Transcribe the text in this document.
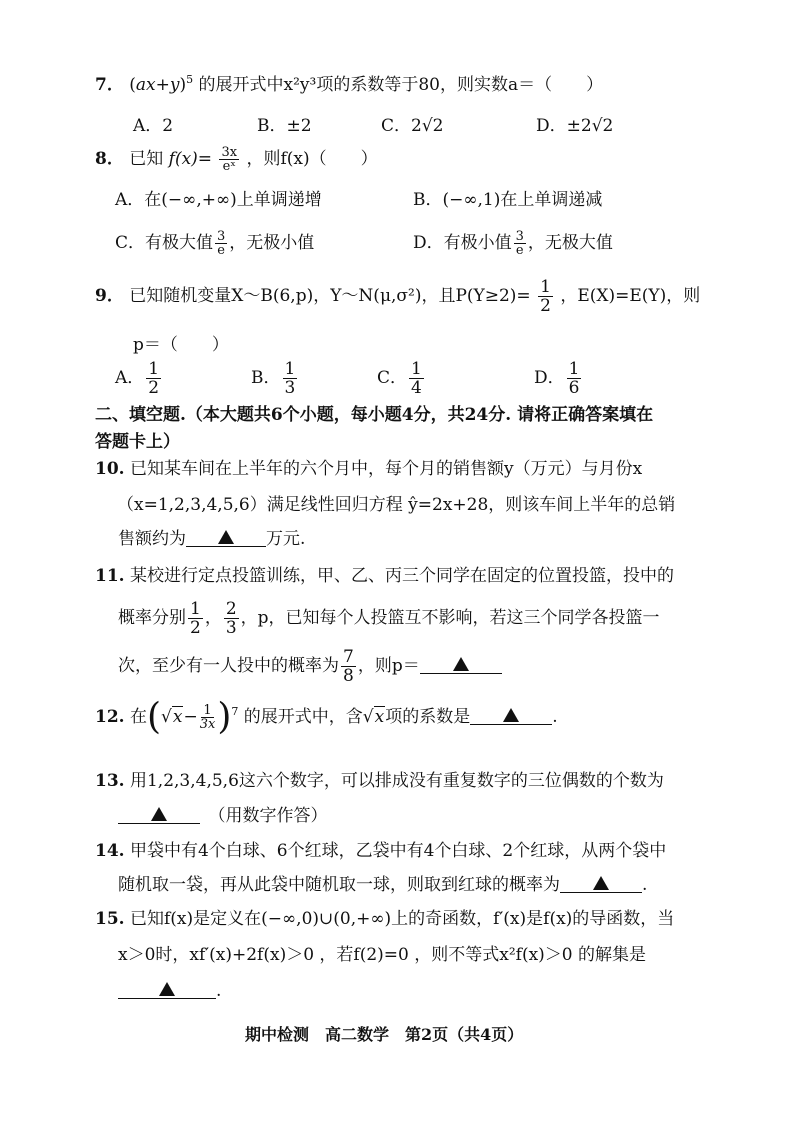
7． $(ax+y)^5$ 的展开式中x²y³项的系数等于80，则实数a＝（　　）
A．2	B．±2	C．2√2	D．±2√2
8． 已知 $f(x)= \frac{3x}{\text{eˣ}}$ ，则f(x)（　　）
A．在(−∞,+∞)上单调递增	B．(−∞,1)在上单调递减
C．有极大值 $\frac{3}{e}$ ，无极小值	D．有极小值 $\frac{3}{e}$ ，无极大值
9． 已知随机变量X～B(6,p)，Y～N(μ,σ²)，且$P(Y\ge 2)= \frac{1}{2}$ ，E(X)=E(Y)，则
p＝（　　）
A． $\frac{1}{2}$	B． $\frac{1}{3}$	C． $\frac{1}{4}$	D． $\frac{1}{6}$
二、填空题.（本大题共6个小题，每小题4分，共24分. 请将正确答案填在
答题卡上）
10. 已知某车间在上半年的六个月中，每个月的销售额y（万元）与月份x
（x=1,2,3,4,5,6）满足线性回归方程 ŷ=2x+28，则该车间上半年的总销
售额约为	万元.
11. 某校进行定点投篮训练，甲、乙、丙三个同学在固定的位置投篮，投中的
概率分别 $\frac{1}{2}$ ， $\frac{2}{3}$ ，p，已知每个人投篮互不影响，若这三个同学各投篮一
次，至少有一人投中的概率为 $\frac{7}{8}$ ，则p＝
12. 在$(√x- \frac{1}{3x} )^7$ 的展开式中，含√x项的系数是	.
13. 用1,2,3,4,5,6这六个数字，可以排成没有重复数字的三位偶数的个数为
　（用数字作答）
14. 甲袋中有4个白球、6个红球，乙袋中有4个白球、2个红球，从两个袋中
随机取一袋，再从此袋中随机取一球，则取到红球的概率为	.
15. 已知f(x)是定义在(−∞,0)∪(0,+∞)上的奇函数，f′(x)是f(x)的导函数，当
x＞0时，xf′(x)+2f(x)＞0 ，若f(2)=0 ，则不等式x²f(x)＞0 的解集是
.
期中检测　高二数学　第2页（共4页）
